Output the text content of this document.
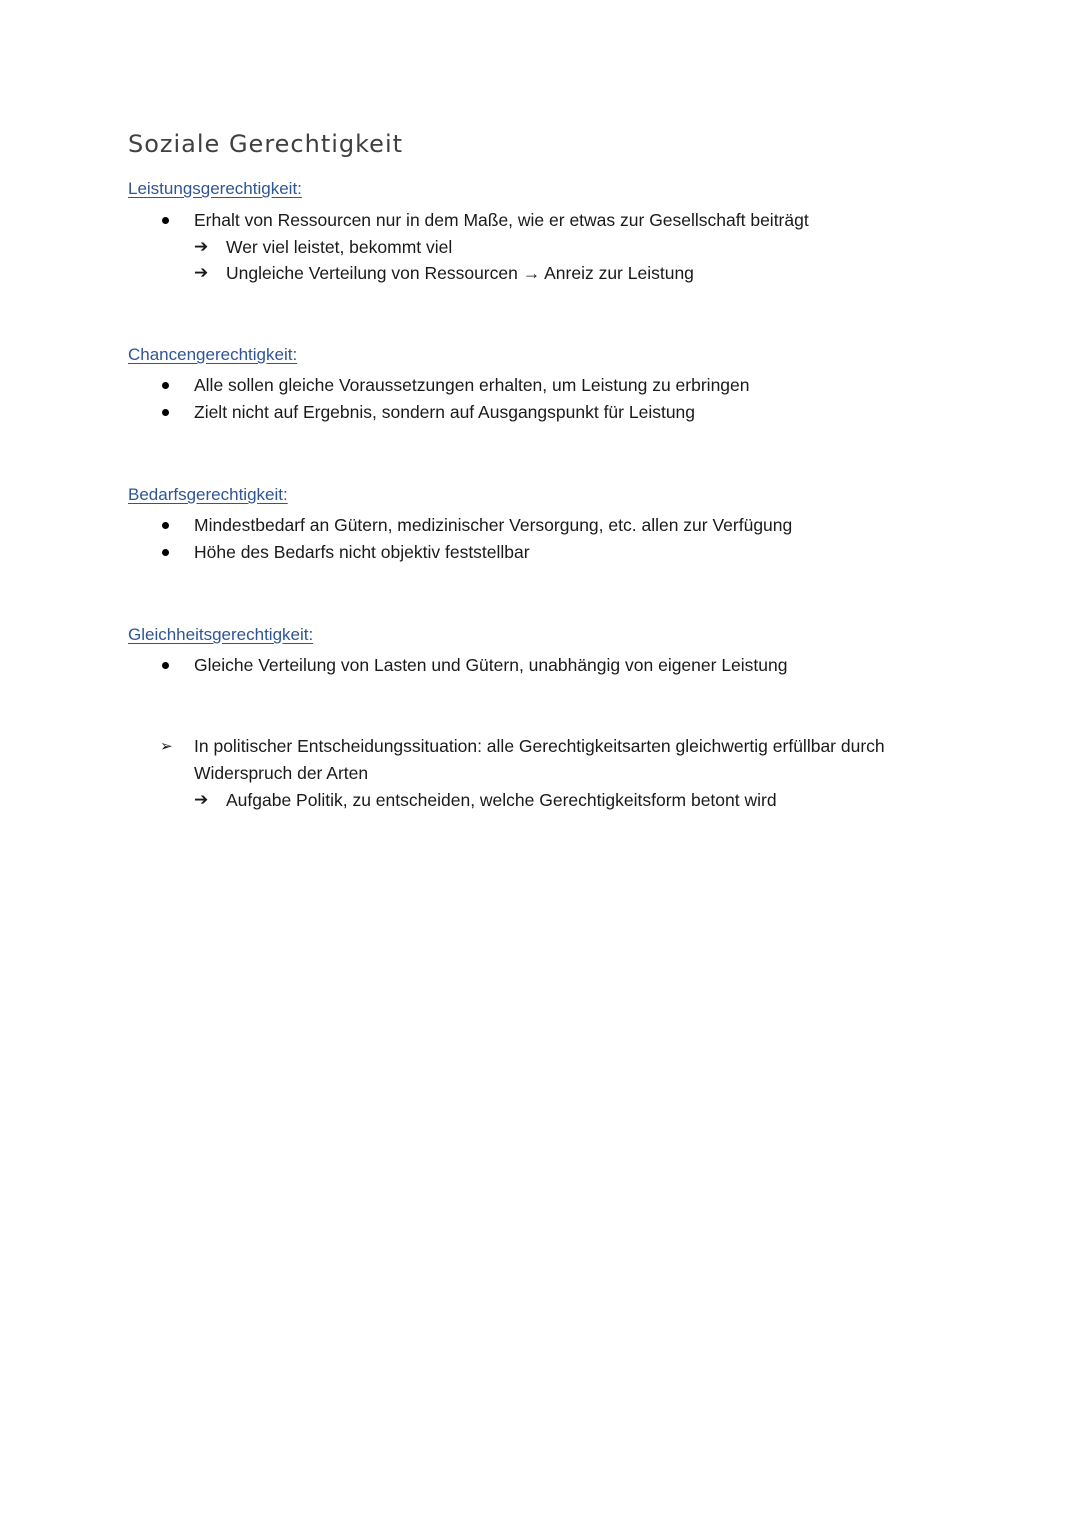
Soziale Gerechtigkeit
Leistungsgerechtigkeit:
Erhalt von Ressourcen nur in dem Maße, wie er etwas zur Gesellschaft beiträgt
➔ Wer viel leistet, bekommt viel
➔ Ungleiche Verteilung von Ressourcen → Anreiz zur Leistung
Chancengerechtigkeit:
Alle sollen gleiche Voraussetzungen erhalten, um Leistung zu erbringen
Zielt nicht auf Ergebnis, sondern auf Ausgangspunkt für Leistung
Bedarfsgerechtigkeit:
Mindestbedarf an Gütern, medizinischer Versorgung, etc. allen zur Verfügung
Höhe des Bedarfs nicht objektiv feststellbar
Gleichheitsgerechtigkeit:
Gleiche Verteilung von Lasten und Gütern, unabhängig von eigener Leistung
➢ In politischer Entscheidungssituation: alle Gerechtigkeitsarten gleichwertig erfüllbar durch Widerspruch der Arten
➔ Aufgabe Politik, zu entscheiden, welche Gerechtigkeitsform betont wird
